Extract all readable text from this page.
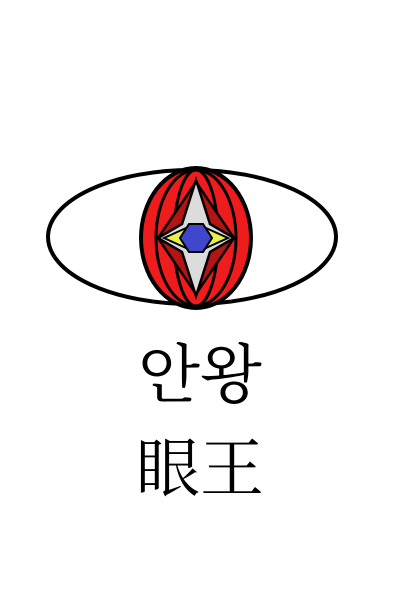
안왕
眼王
